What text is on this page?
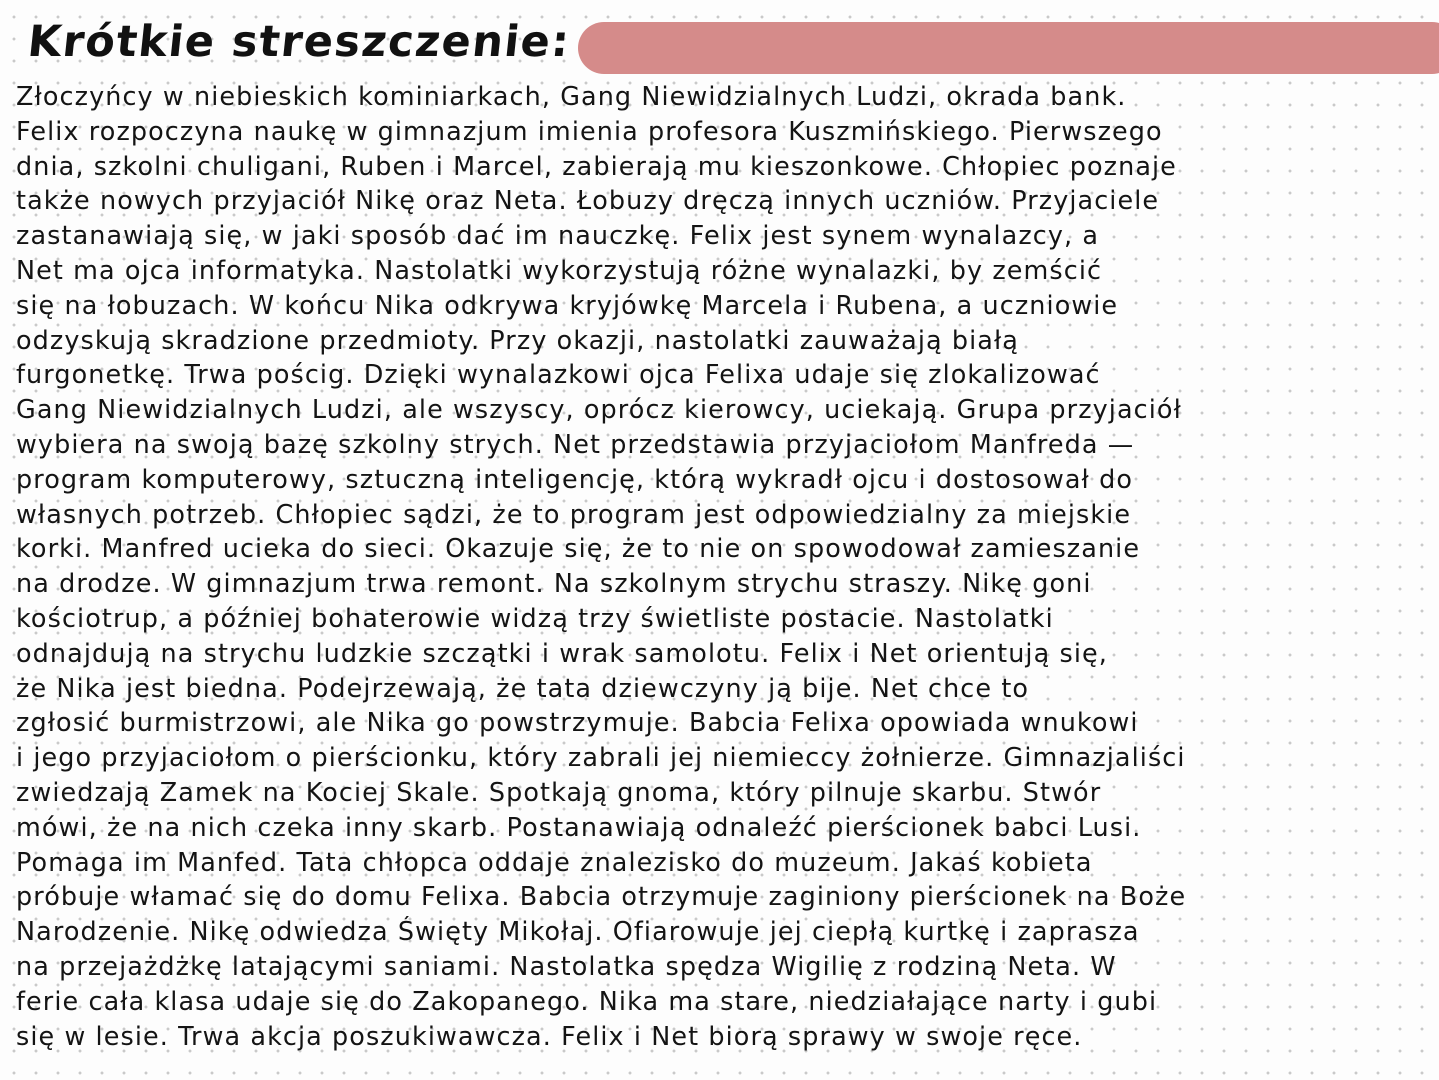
Krótkie streszczenie:
Złoczyńcy w niebieskich kominiarkach, Gang Niewidzialnych Ludzi, okrada bank.
Felix rozpoczyna naukę w gimnazjum imienia profesora Kuszmińskiego. Pierwszego
dnia, szkolni chuligani, Ruben i Marcel, zabierają mu kieszonkowe. Chłopiec poznaje
także nowych przyjaciół Nikę oraz Neta. Łobuzy dręczą innych uczniów. Przyjaciele
zastanawiają się, w jaki sposób dać im nauczkę. Felix jest synem wynalazcy, a
Net ma ojca informatyka. Nastolatki wykorzystują różne wynalazki, by zemścić
się na łobuzach. W końcu Nika odkrywa kryjówkę Marcela i Rubena, a uczniowie
odzyskują skradzione przedmioty. Przy okazji, nastolatki zauważają białą
furgonetkę. Trwa pościg. Dzięki wynalazkowi ojca Felixa udaje się zlokalizować
Gang Niewidzialnych Ludzi, ale wszyscy, oprócz kierowcy, uciekają. Grupa przyjaciół
wybiera na swoją bazę szkolny strych. Net przedstawia przyjaciołom Manfreda —
program komputerowy, sztuczną inteligencję, którą wykradł ojcu i dostosował do
własnych potrzeb. Chłopiec sądzi, że to program jest odpowiedzialny za miejskie
korki. Manfred ucieka do sieci. Okazuje się, że to nie on spowodował zamieszanie
na drodze. W gimnazjum trwa remont. Na szkolnym strychu straszy. Nikę goni
kościotrup, a później bohaterowie widzą trzy świetliste postacie. Nastolatki
odnajdują na strychu ludzkie szczątki i wrak samolotu. Felix i Net orientują się,
że Nika jest biedna. Podejrzewają, że tata dziewczyny ją bije. Net chce to
zgłosić burmistrzowi, ale Nika go powstrzymuje. Babcia Felixa opowiada wnukowi
i jego przyjaciołom o pierścionku, który zabrali jej niemieccy żołnierze. Gimnazjaliści
zwiedzają Zamek na Kociej Skale. Spotkają gnoma, który pilnuje skarbu. Stwór
mówi, że na nich czeka inny skarb. Postanawiają odnaleźć pierścionek babci Lusi.
Pomaga im Manfed. Tata chłopca oddaje znalezisko do muzeum. Jakaś kobieta
próbuje włamać się do domu Felixa. Babcia otrzymuje zaginiony pierścionek na Boże
Narodzenie. Nikę odwiedza Święty Mikołaj. Ofiarowuje jej ciepłą kurtkę i zaprasza
na przejażdżkę latającymi saniami. Nastolatka spędza Wigilię z rodziną Neta. W
ferie cała klasa udaje się do Zakopanego. Nika ma stare, niedziałające narty i gubi
się w lesie. Trwa akcja poszukiwawcza. Felix i Net biorą sprawy w swoje ręce.
